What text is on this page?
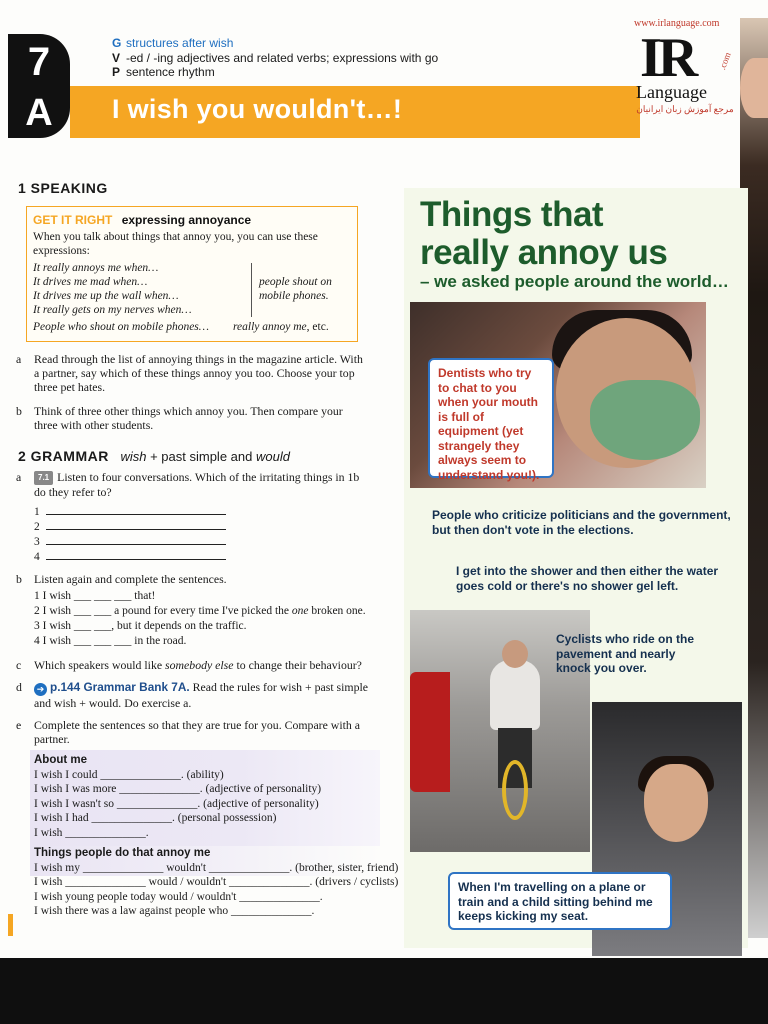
7
A
G structures after wish
V -ed / -ing adjectives and related verbs; expressions with go
P sentence rhythm
I wish you wouldn't…!
www.irlanguage.com
IR	.com
Language
مرجع آموزش زبان ایرانیان
1 SPEAKING
GET IT RIGHT expressing annoyance
When you talk about things that annoy you, you can use these expressions:
It really annoys me when…
It drives me mad when…
It drives me up the wall when…
It really gets on my nerves when…
people shout on mobile phones.
People who shout on mobile phones… really annoy me, etc.
a Read through the list of annoying things in the magazine article. With a partner, say which of these things annoy you too. Choose your top three pet hates.
b Think of three other things which annoy you. Then compare your three with other students.
2 GRAMMAR wish + past simple and would
a	7.1 Listen to four conversations. Which of the irritating things in 1b do they refer to?
1
2
3
4
b Listen again and complete the sentences.
1 I wish ___ ___ ___ that!
2 I wish ___ ___ a pound for every time I've picked the one broken one.
3 I wish ___ ___, but it depends on the traffic.
4 I wish ___ ___ ___ in the road.
c Which speakers would like somebody else to change their behaviour?
d	➔ p.144 Grammar Bank 7A. Read the rules for wish + past simple and wish + would. Do exercise a.
e Complete the sentences so that they are true for you. Compare with a partner.
About me
I wish I could ______________. (ability)
I wish I was more ______________. (adjective of personality)
I wish I wasn't so ______________. (adjective of personality)
I wish I had ______________. (personal possession)
I wish ______________.
Things people do that annoy me
I wish my ______________ wouldn't ______________. (brother, sister, friend)
I wish ______________ would / wouldn't ______________. (drivers / cyclists)
I wish young people today would / wouldn't ______________.
I wish there was a law against people who ______________.
Things that
really annoy us
– we asked people around the world…
Dentists who try to chat to you when your mouth is full of equipment (yet strangely they always seem to understand you!).
People who criticize politicians and the government, but then don't vote in the elections.
I get into the shower and then either the water goes cold or there's no shower gel left.
Cyclists who ride on the pavement and nearly knock you over.
When I'm travelling on a plane or train and a child sitting behind me keeps kicking my seat.
